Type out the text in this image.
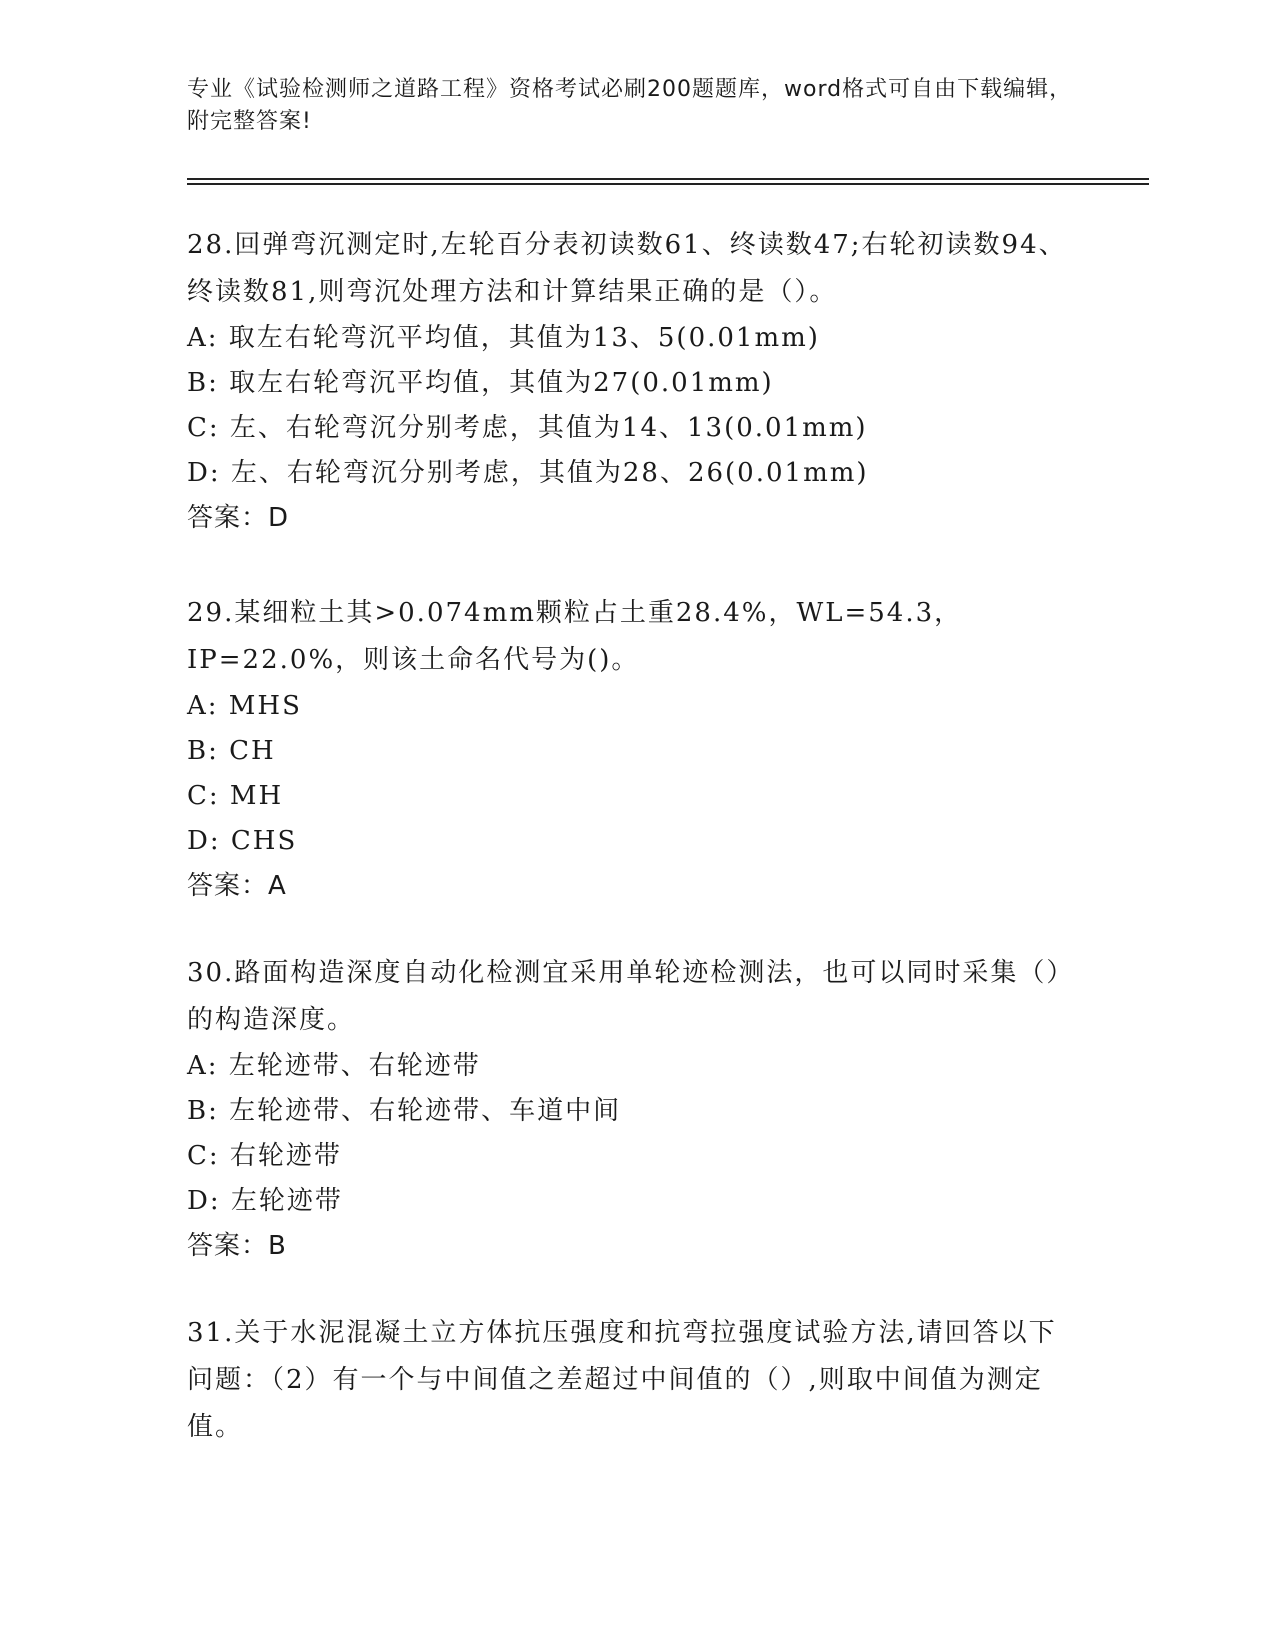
专业《试验检测师之道路工程》资格考试必刷200题题库，word格式可自由下载编辑，附完整答案!

28.回弹弯沉测定时,左轮百分表初读数61、终读数47;右轮初读数94、终读数81,则弯沉处理方法和计算结果正确的是（）。

A: 取左右轮弯沉平均值，其值为13、5(0.01mm)

B: 取左右轮弯沉平均值，其值为27(0.01mm)

C: 左、右轮弯沉分别考虑，其值为14、13(0.01mm)

D: 左、右轮弯沉分别考虑，其值为28、26(0.01mm)

答案：D

29.某细粒土其>0.074mm颗粒占土重28.4%，WL=54.3，IP=22.0%，则该土命名代号为()。

A: MHS

B: CH

C: MH

D: CHS

答案：A

30.路面构造深度自动化检测宜采用单轮迹检测法，也可以同时采集（）的构造深度。

A: 左轮迹带、右轮迹带

B: 左轮迹带、右轮迹带、车道中间

C: 右轮迹带

D: 左轮迹带

答案：B

31.关于水泥混凝土立方体抗压强度和抗弯拉强度试验方法,请回答以下问题：（2）有一个与中间值之差超过中间值的（）,则取中间值为测定值。
